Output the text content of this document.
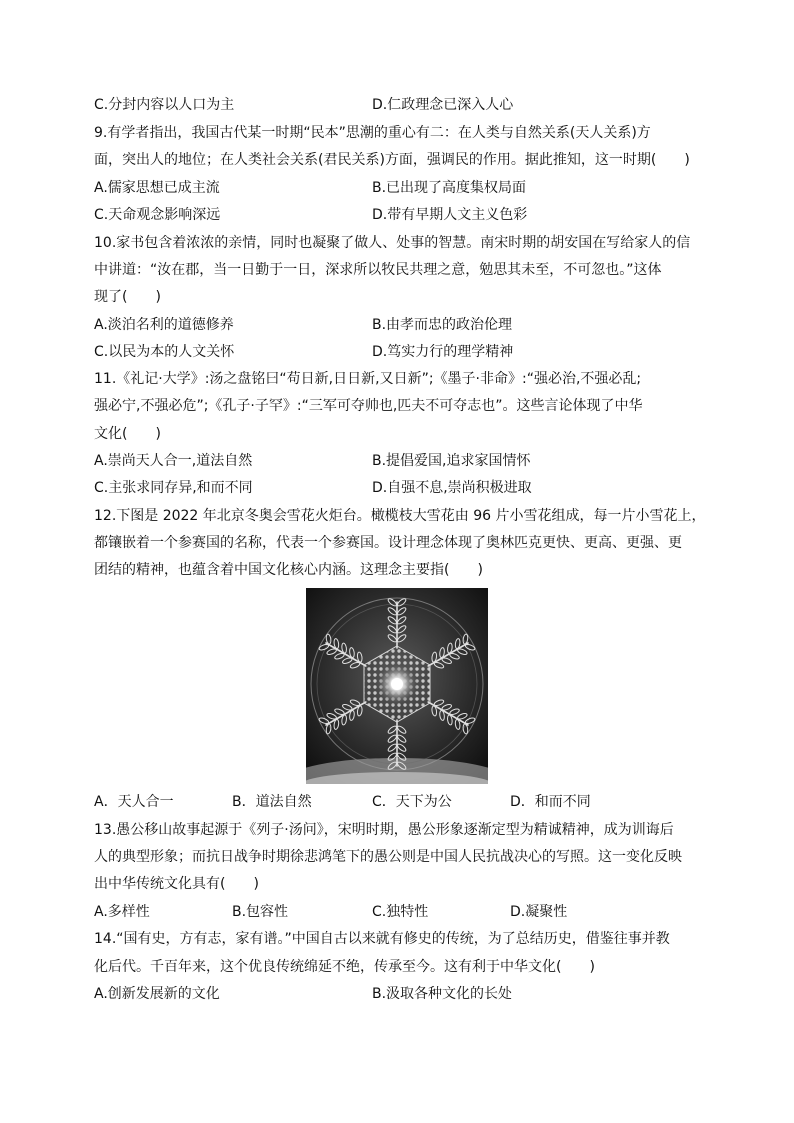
C.分封内容以人口为主	D.仁政理念已深入人心
9.有学者指出，我国古代某一时期“民本”思潮的重心有二：在人类与自然关系(天人关系)方
面，突出人的地位；在人类社会关系(君民关系)方面，强调民的作用。据此推知，这一时期(　　)
A.儒家思想已成主流	B.已出现了高度集权局面
C.天命观念影响深远	D.带有早期人文主义色彩
10.家书包含着浓浓的亲情，同时也凝聚了做人、处事的智慧。南宋时期的胡安国在写给家人的信
中讲道：“汝在郡，当一日勤于一日，深求所以牧民共理之意，勉思其未至，不可忽也。”这体
现了(　　)
A.淡泊名利的道德修养	B.由孝而忠的政治伦理
C.以民为本的人文关怀	D.笃实力行的理学精神
11.《礼记·大学》:汤之盘铭曰“苟日新,日日新,又日新”;《墨子·非命》:“强必治,不强必乱;
强必宁,不强必危”;《孔子·子罕》:“三军可夺帅也,匹夫不可夺志也”。这些言论体现了中华
文化(　　)
A.崇尚天人合一,道法自然	B.提倡爱国,追求家国情怀
C.主张求同存异,和而不同	D.自强不息,崇尚积极进取
12.下图是 2022 年北京冬奥会雪花火炬台。橄榄枝大雪花由 96 片小雪花组成，每一片小雪花上，
都镶嵌着一个参赛国的名称，代表一个参赛国。设计理念体现了奥林匹克更快、更高、更强、更
团结的精神，也蕴含着中国文化核心内涵。这理念主要指(　　)
A．天人合一	B．道法自然	C．天下为公	D．和而不同
13.愚公移山故事起源于《列子·汤问》，宋明时期，愚公形象逐渐定型为精诚精神，成为训诲后
人的典型形象；而抗日战争时期徐悲鸿笔下的愚公则是中国人民抗战决心的写照。这一变化反映
出中华传统文化具有(　　)
A.多样性	B.包容性	C.独特性	D.凝聚性
14.“国有史，方有志，家有谱。”中国自古以来就有修史的传统，为了总结历史，借鉴往事并教
化后代。千百年来，这个优良传统绵延不绝，传承至今。这有利于中华文化(　　)
A.创新发展新的文化	B.汲取各种文化的长处
